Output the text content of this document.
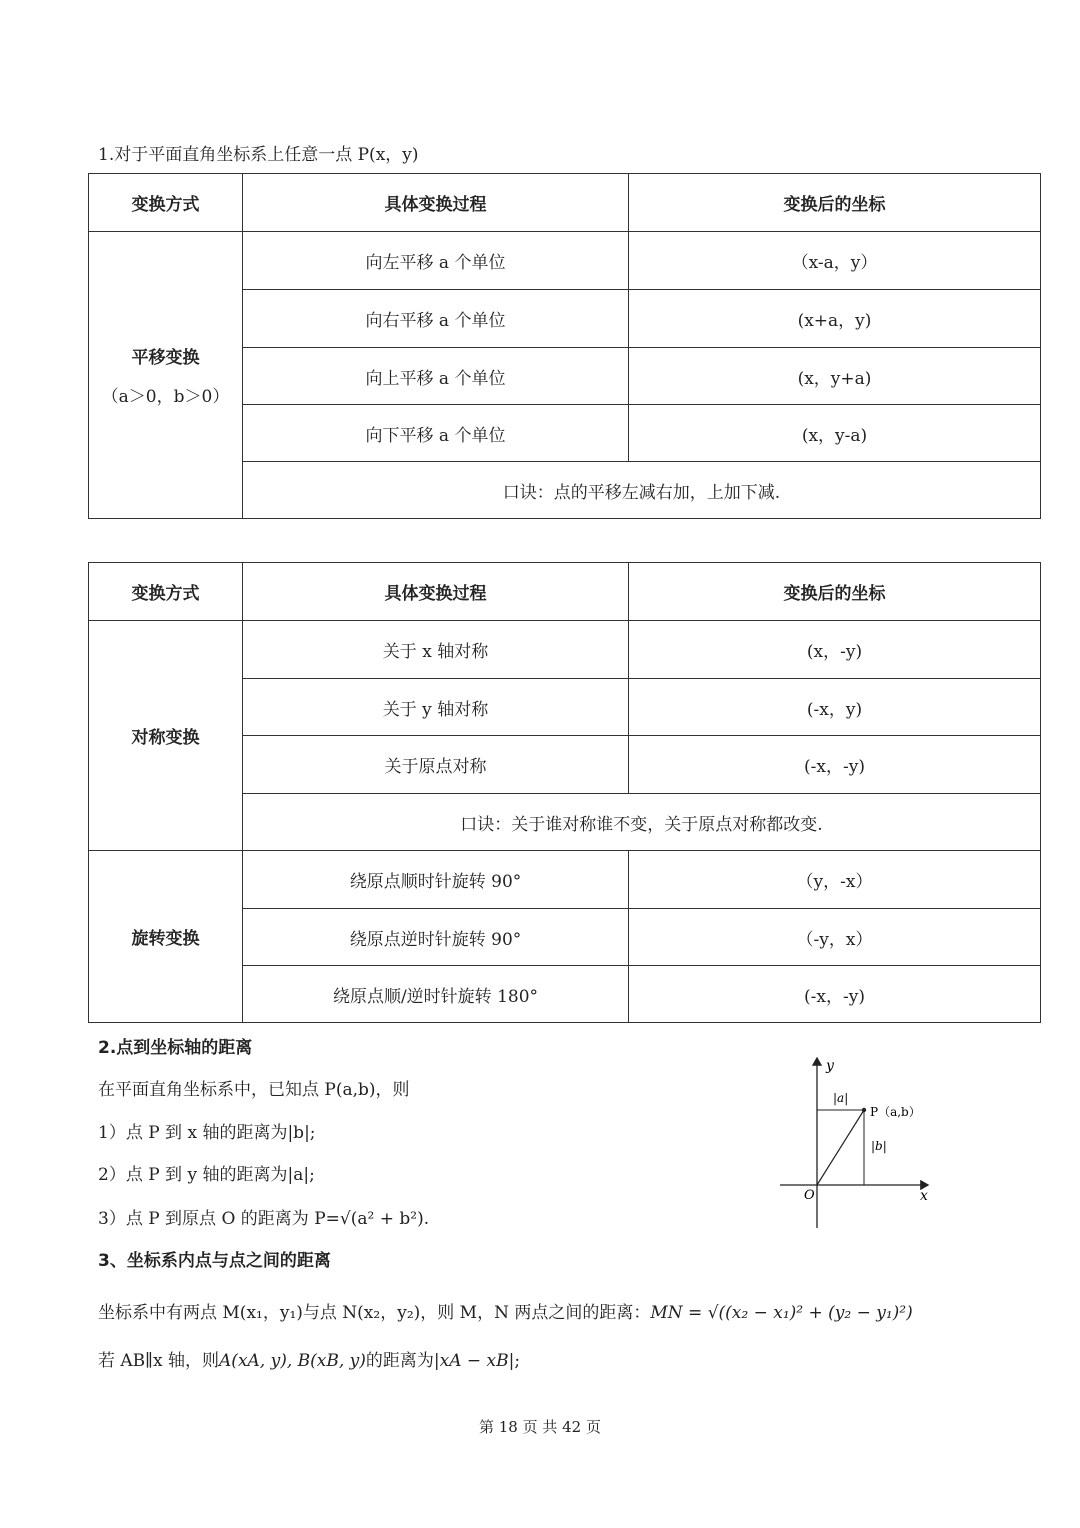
1.对于平面直角坐标系上任意一点 P(x，y)
变换方式	具体变换过程	变换后的坐标

平移变换
（a＞0，b＞0）	向左平移 a 个单位	（x-a，y）
	向右平移 a 个单位	(x+a，y)
	向上平移 a 个单位	(x，y+a)
	向下平移 a 个单位	(x，y-a)
	口诀：点的平移左减右加，上加下减.	
变换方式	具体变换过程	变换后的坐标

对称变换	关于 x 轴对称	(x，-y)
	关于 y 轴对称	(-x，y)
	关于原点对称	(-x，-y)
	口诀：关于谁对称谁不变，关于原点对称都改变.	

旋转变换	绕原点顺时针旋转 90°	（y，-x）
	绕原点逆时针旋转 90°	（-y，x）
	绕原点顺/逆时针旋转 180°	(-x，-y)
2.点到坐标轴的距离
在平面直角坐标系中，已知点 P(a,b)，则
1）点 P 到 x 轴的距离为|b|;
2）点 P 到 y 轴的距离为|a|;
3）点 P 到原点 O 的距离为 P=√(a² + b²).
y
x
O
P（a,b）
|a|
|b|
3、坐标系内点与点之间的距离
坐标系中有两点 M(x₁，y₁)与点 N(x₂，y₂)，则 M，N 两点之间的距离：MN = √((x₂ − x₁)² + (y₂ − y₁)²)
若 AB∥x 轴，则A(xA, y), B(xB, y)的距离为|xA − xB|;
第 18 页 共 42 页
